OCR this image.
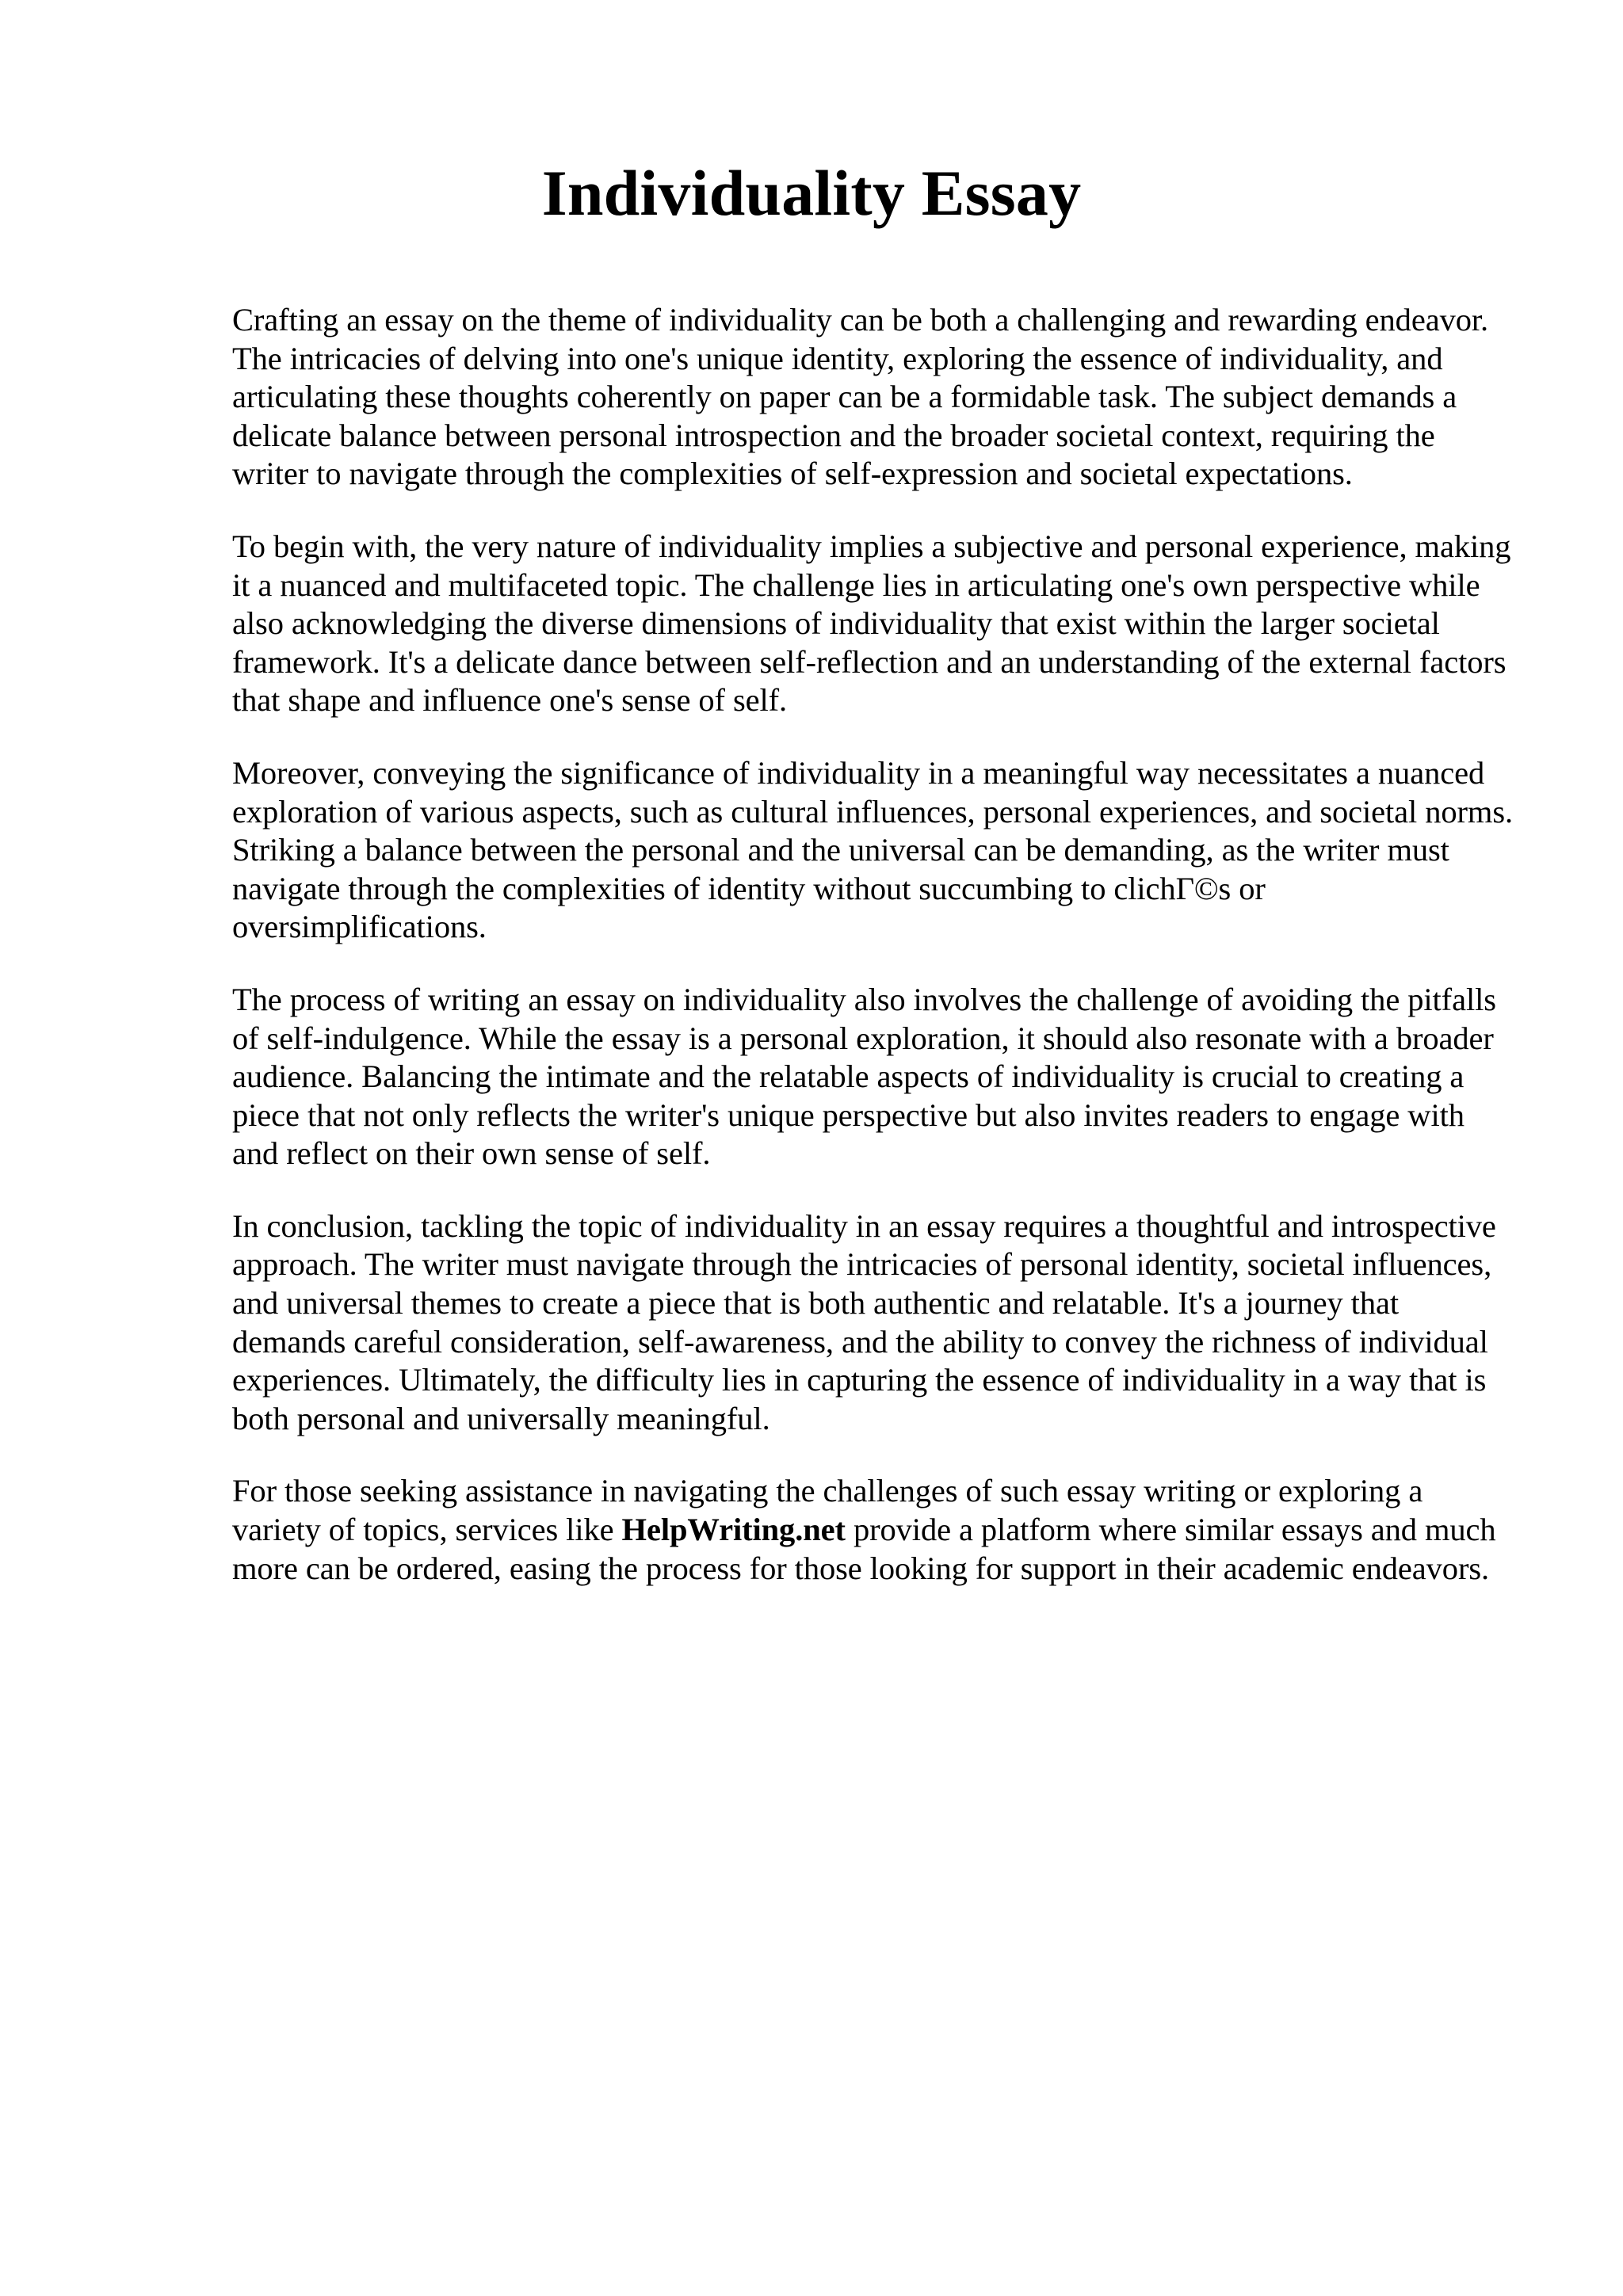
Individuality Essay

Crafting an essay on the theme of individuality can be both a challenging and rewarding endeavor. The intricacies of delving into one's unique identity, exploring the essence of individuality, and articulating these thoughts coherently on paper can be a formidable task. The subject demands a delicate balance between personal introspection and the broader societal context, requiring the writer to navigate through the complexities of self-expression and societal expectations.

To begin with, the very nature of individuality implies a subjective and personal experience, making it a nuanced and multifaceted topic. The challenge lies in articulating one's own perspective while also acknowledging the diverse dimensions of individuality that exist within the larger societal framework. It's a delicate dance between self-reflection and an understanding of the external factors that shape and influence one's sense of self.

Moreover, conveying the significance of individuality in a meaningful way necessitates a nuanced exploration of various aspects, such as cultural influences, personal experiences, and societal norms. Striking a balance between the personal and the universal can be demanding, as the writer must navigate through the complexities of identity without succumbing to clichΓ©s or oversimplifications.

The process of writing an essay on individuality also involves the challenge of avoiding the pitfalls of self-indulgence. While the essay is a personal exploration, it should also resonate with a broader audience. Balancing the intimate and the relatable aspects of individuality is crucial to creating a piece that not only reflects the writer's unique perspective but also invites readers to engage with and reflect on their own sense of self.

In conclusion, tackling the topic of individuality in an essay requires a thoughtful and introspective approach. The writer must navigate through the intricacies of personal identity, societal influences, and universal themes to create a piece that is both authentic and relatable. It's a journey that demands careful consideration, self-awareness, and the ability to convey the richness of individual experiences. Ultimately, the difficulty lies in capturing the essence of individuality in a way that is both personal and universally meaningful.

For those seeking assistance in navigating the challenges of such essay writing or exploring a variety of topics, services like HelpWriting.net provide a platform where similar essays and much more can be ordered, easing the process for those looking for support in their academic endeavors.
